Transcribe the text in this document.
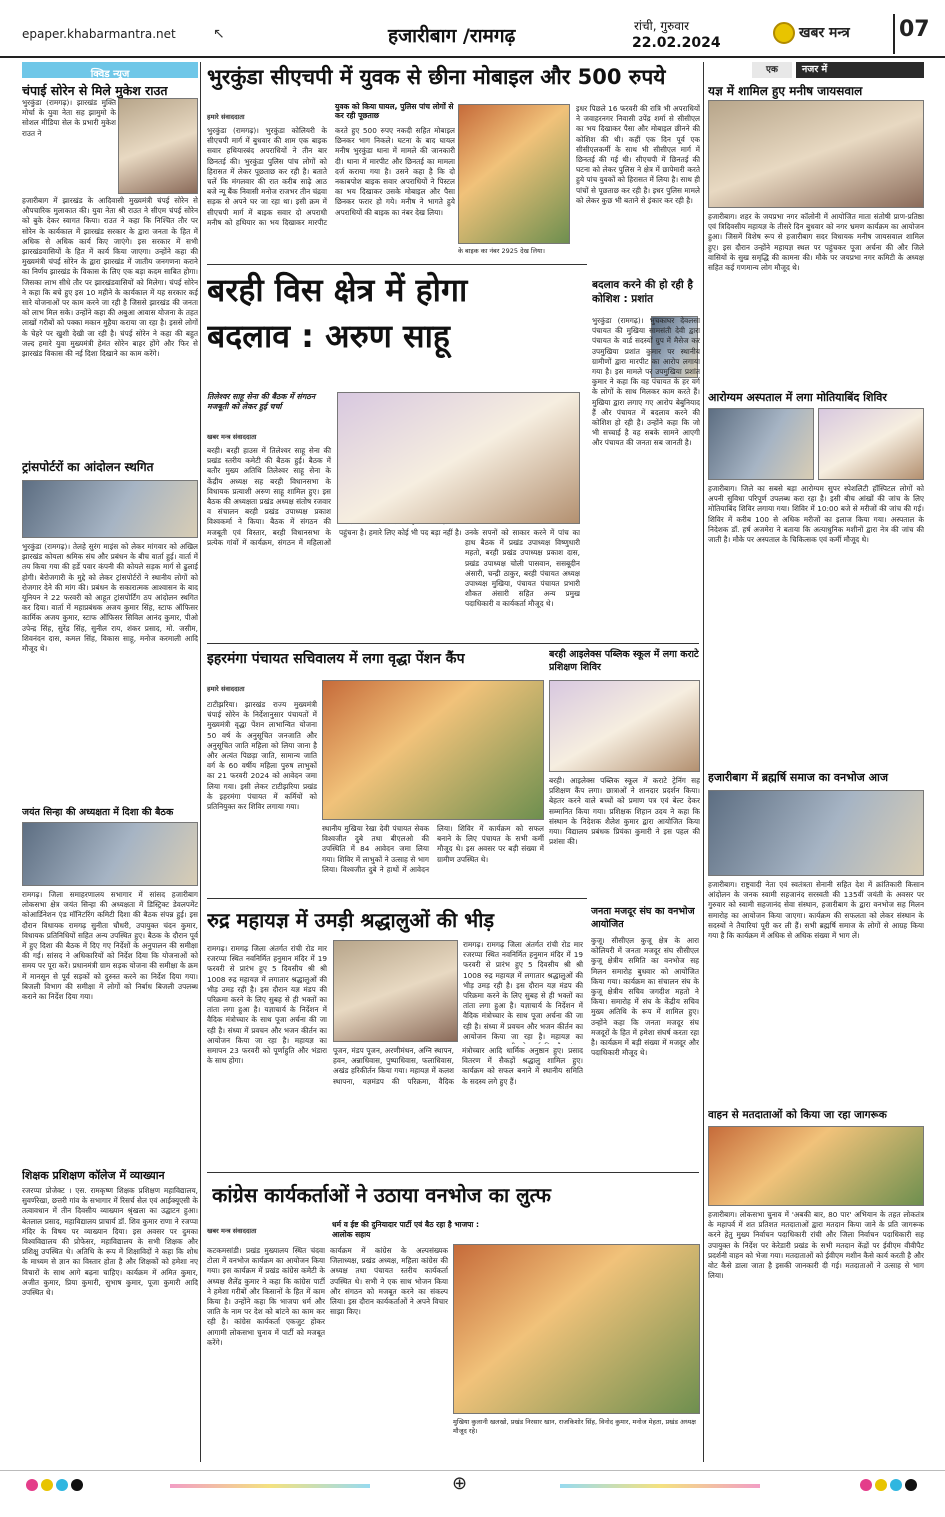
epaper.khabarmantra.net	↖	हजारीबाग /रामगढ़	रांची, गुरुवार
22.02.2024
खबर मन्त्र 07
क्विड न्यूज
चंपाई सोरेन से मिले मुकेश राउत
भुरकुंडा (रामगढ़)। झारखंड मुक्ति मोर्चा के युवा नेता सह झामुमो के सोशल मीडिया सेल के प्रभारी मुकेश राउत ने
हजारीबाग में झारखंड के आदिवासी मुख्यमंत्री चंपई सोरेन से औपचारिक मुलाकात की। युवा नेता श्री राउत ने सीएम चंपई सोरेन को बुके देकर स्वागत किया। राउत ने कहा कि निश्चित तौर पर सोरेन के कार्यकाल में झारखंड सरकार के द्वारा जनता के हित में अधिक से अधिक कार्य किए जाएंगे। इस सरकार में सभी झारखंडवासियों के हित में कार्य किया जाएगा। उन्होंने कहा की मुख्यमंत्री चंपई सोरेन के द्वारा झारखंड में जातीय जनगणना कराने का निर्णय झारखंड के विकास के लिए एक बड़ा कदम साबित होगा। जिसका लाभ सीधे तौर पर झारखंडवासियों को मिलेगा। चंपई सोरेन ने कहा कि बचे हुए इस 10 महीने के कार्यकाल में यह सरकार कई सारे योजनाओं पर काम करने जा रही है जिससे झारखंड की जनता को लाभ मिल सके। उन्होंने कहा की अबुआ आवास योजना के तहत लाखों गरीबों को पक्का मकान मुहैया कराया जा रहा है। इससे लोगों के चेहरे पर खुशी देखी जा रही है। चंपई सोरेन ने कहा की बहुत जल्द हमारे युवा मुख्यमंत्री हेमंत सोरेन बाहर होंगे और फिर से झारखंड विकास की नई दिशा दिखाने का काम करेंगे।
ट्रांसपोर्टरों का आंदोलन स्थगित
भुरकुंडा (रामगढ़)। तेलहे सुरंग माइंस को लेकर मांगवार को अखिल झारखंड कोयला श्रमिक संघ और प्रबंधन के बीच वार्ता हुई। वार्ता में तय किया गया की हर्डे पवार कंपनी की कोयले सड़क मार्ग से ढुलाई होगी। बेरोजगारी के मुद्दे को लेकर ट्रांसपोर्टरों ने स्थानीय लोगों को रोजगार देने की मांग की। प्रबंधन के सकारात्मक आश्वासन के बाद यूनियन ने 22 फरवरी को आहूत ट्रांसपोर्टिंग ठप आंदोलन स्थगित कर दिया। वार्ता में महाप्रबंधक अजय कुमार सिंह, स्टाफ ऑफिसर कार्मिक अजय कुमार, स्टाफ ऑफिसर सिविल आनंद कुमार, पीओ उपेन्द्र सिंह, सुरेंद्र सिंह, सुनील राय, शंकर प्रसाद, मो. जसीम, शिवनंदन दास, कमल सिंह, विकास साहू, मनोज करमाली आदि मौजूद थे।
जयंत सिन्हा की अध्यक्षता में दिशा की बैठक
रामगढ़। जिला समाहरणालय सभागार में सांसद हजारीबाग लोकसभा क्षेत्र जयंत सिन्हा की अध्यक्षता में डिस्ट्रिक्ट डेवलपमेंट कोआर्डिनेशन एंड मॉनिटरिंग कमिटी दिशा की बैठक संपन्न हुई। इस दौरान विधायक रामगढ़ सुनीता चौधरी, उपायुक्त चंदन कुमार, विधायक प्रतिनिधियों सहित अन्य उपस्थित हुए। बैठक के दौरान पूर्व में हुए दिशा की बैठक में दिए गए निर्देशों के अनुपालन की समीक्षा की गई। सांसद ने अधिकारियों को निर्देश दिया कि योजनाओं को समय पर पूरा करें। प्रधानमंत्री ग्राम सड़क योजना की समीक्षा के क्रम में मानसून से पूर्व सड़कों को दुरुस्त करने का निर्देश दिया गया। बिजली विभाग की समीक्षा में लोगों को निर्बाध बिजली उपलब्ध कराने का निर्देश दिया गया।
शिक्षक प्रशिक्षण कॉलेज में व्याख्यान
रजरप्पा प्रोजेक्ट । एस. रामकृष्ण शिक्षक प्रशिक्षण महाविद्यालय, सुवर्णरेखा, छत्तरी गांव के सभागार में रिसर्च सेल एवं आईक्यूएसी के तत्वावधान में तीन दिवसीय व्याख्यान श्रृंखला का उद्घाटन हुआ। बेतलाल प्रसाद, महाविद्यालय प्राचार्य डॉ. शिव कुमार राणा ने रजप्पा मंदिर के विषय पर व्याख्यान दिया। इस अवसर पर दुमका विश्वविद्यालय की प्रोफेसर, महाविद्यालय के सभी शिक्षक और प्रशिक्षु उपस्थित थे। अतिथि के रूप में शिक्षाविदों ने कहा कि शोध के माध्यम से ज्ञान का विस्तार होता है और शिक्षकों को हमेशा नए विचारों के साथ आगे बढ़ना चाहिए। कार्यक्रम में अमित कुमार, अजीत कुमार, प्रिया कुमारी, सुभाष कुमार, पूजा कुमारी आदि उपस्थित थे।
भुरकुंडा सीएचपी में युवक से छीना मोबाइल और 500 रुपये
हमारे संवाददाता
युवक को किया घायल, पुलिस पांच लोगों से कर रही पूछताछ
भुरकुंडा (रामगढ़)। भुरकुंडा कोलियरी के सीएचपी मार्ग में बुधवार की शाम एक बाइक सवार हथियारबंद अपराधियों ने तीन बार छिनतई की। भुरकुंडा पुलिस पांच लोगों को हिरासत में लेकर पूछताछ कर रही है। बताते चलें कि मंगलवार की रात करीब साढ़े आठ बजे न्यू बैंक निवासी मनोज राजभर तीन चंद्रवा सड़क से अपने घर जा रहा था। इसी क्रम में सीएचपी मार्ग में बाइक सवार दो अपराधी मनीष को हथियार का भय दिखाकर मारपीट करते हुए 500 रुपए नकदी सहित मोबाइल छिनकर भाग निकले। घटना के बाद घायल मनीष भुरकुंडा थाना में मामले की जानकारी दी। थाना में मारपीट और छिनतई का मामला दर्ज कराया गया है। उसने कहा है कि दो नकाबपोश बाइक सवार अपराधियों ने पिस्टल का भय दिखाकर उसके मोबाइल और पैसा छिनकर फरार हो गये। मनीष ने भागते हुये अपराधियों की बाइक का नंबर देख लिया।
के बाइक का नंबर 2925 देख लिया।
इधर पिछले 16 फरवरी की रात्रि भी अपराधियों ने जवाहरनगर निवासी उपेंद्र शर्मा से सीसीएल का भय दिखाकर पैसा और मोबाइल छीनने की कोशिश की थी। कहीं एक दिन पूर्व एक सीसीएलकर्मी के साथ भी सीसीएल मार्ग में छिनतई की गई थी। सीएचपी में छिनतई की घटना को लेकर पुलिस ने क्षेत्र में छापेमारी करते हुये पांच युवकों को हिरासत में लिया है। साथ ही पांचों से पूछताछ कर रही है। इधर पुलिस मामले को लेकर कुछ भी बताने से इंकार कर रही है।
बरही विस क्षेत्र में होगा
बदलाव : अरुण साहू
तिलेश्वर साहू सेना की बैठक में संगठन मजबूती को लेकर हुई चर्चा
खबर मन्त्र संवाददाता
बरही। बरही हाउस में तिलेश्वर साहू सेना की प्रखंड स्तरीय कमेटी की बैठक हुई। बैठक में बतौर मुख्य अतिथि तिलेश्वर साहू सेना के केंद्रीय अध्यक्ष सह बरही विधानसभा के विधायक प्रत्याशी अरुण साहू शामिल हुए। इस बैठक की अध्यक्षता प्रखंड अध्यक्ष संतोष रजवार व संचालन बरही प्रखंड उपाध्यक्ष प्रकाश विश्वकर्मा ने किया। बैठक में संगठन की मजबूती एवं विस्तार, बरही विधानसभा के प्रत्येक गांवों में कार्यक्रम, संगठन में महिलाओं पहुंचना है। हमारे लिए कोई भी पद बड़ा नहीं है। उनके सपनों को साकार करने में पांच का हाथ बैठक में प्रखंड उपाध्यक्ष विष्णुधारी महतो, बरही प्रखंड उपाध्यक्ष प्रकाश दास, प्रखंड उपाध्यक्ष चोली पासवान, ससबूदीन अंसारी, चन्द्री ठाकुर, बरही पंचायत अध्यक्ष उपाध्यक्ष मुखिया, पंचायत पंचायत प्रभारी शौकत अंसारी सहित अन्य प्रमुख पदाधिकारी व कार्यकर्ता मौजूद थे।
बदलाव करने की हो रही है कोशिश : प्रशांत
भुरकुंडा (रामगढ़)। भुचकाघर देवलसा पंचायत की मुखिया सामसंती देवी द्वारा पंचायत के वार्ड सदस्यों ग्रुप में मैसेज कर उपमुखिया प्रशांत कुमार पर स्थानीय ग्रामीणों द्वारा मारपीट का आरोप लगाया गया है। इस मामले पर उपमुखिया प्रशांत कुमार ने कहा कि वह पंचायत के हर वर्ग के लोगों के साथ मिलकर काम करते हैं। मुखिया द्वारा लगाए गए आरोप बेबुनियाद हैं और पंचायत में बदलाव करने की कोशिश हो रही है। उन्होंने कहा कि जो भी सच्चाई है वह सबके सामने आएगी और पंचायत की जनता सब जानती है।
इहरमंगा पंचायत सचिवालय में लगा वृद्धा पेंशन कैंप
हमारे संवाददाता
टाटीझरिया। झारखंड राज्य मुख्यमंत्री चंपाई सोरेन के निर्देशानुसार पंचायतों में मुख्यमंत्री वृद्धा पेंशन लाभान्वित योजना 50 वर्ष के अनुसूचित जनजाति और अनुसूचित जाति महिला को लिया जाना है और अत्यंत पिछड़ा जाति, सामान्य जाति वर्ग के 60 वर्षीय महिला पुरुष लाभुकों का 21 फरवरी 2024 को आवेदन जमा लिया गया। इसी लेकर टाटीझरिया प्रखंड के इहरमंगा पंचायत में कर्मियों को प्रतिनियुक्त कर शिविर लगाया गया।
स्थानीय मुखिया रेखा देवी पंचायत सेवक विश्वजीत दुबे तथा बीएलओ की उपस्थिति में 84 आवेदन जमा लिया गया। शिविर में लाभुकों ने उत्साह से भाग लिया। विश्वजीत दुबे ने हाथों में आवेदन लिया। शिविर में कार्यक्रम को सफल बनाने के लिए पंचायत के सभी कर्मी मौजूद थे। इस अवसर पर बड़ी संख्या में ग्रामीण उपस्थित थे।
बरही आइलेक्स पब्लिक स्कूल में लगा कराटे प्रशिक्षण शिविर
बरही। आइलेक्स पब्लिक स्कूल में कराटे ट्रेनिंग सह प्रशिक्षण कैंप लगा। छात्राओं ने शानदार प्रदर्शन किया। बेहतर करने वाले बच्चों को प्रमाण पत्र एवं बेल्ट देकर सम्मानित किया गया। प्रशिक्षक शिहान उदय ने कहा कि संस्थान के निदेशक शैलेश कुमार द्वारा आयोजित किया गया। विद्यालय प्रबंधक प्रियंका कुमारी ने इस पहल की प्रशंसा की।
रुद्र महायज्ञ में उमड़ी श्रद्धालुओं की भीड़
रामगढ़। रामगढ़ जिला अंतर्गत रांची रोड मार रजरप्पा स्थित नवनिर्मित हनुमान मंदिर में 19 फरवरी से प्रारंभ हुए 5 दिवसीय श्री श्री 1008 रुद्र महायज्ञ में लगातार श्रद्धालुओं की भीड़ उमड़ रही है। इस दौरान यज्ञ मंडप की परिक्रमा करने के लिए सुबह से ही भक्तों का तांता लगा हुआ है। यज्ञाचार्य के निर्देशन में वैदिक मंत्रोच्चार के साथ पूजा अर्चना की जा रही है। संध्या में प्रवचन और भजन कीर्तन का आयोजन किया जा रहा है। महायज्ञ का समापन 23 फरवरी को पूर्णाहुति और भंडारा के साथ होगा।
पूजन, मंडप पूजन, अरणीमंथन, अग्नि स्थापन, हवन, अन्नाधिवास, पुष्पाधिवास, फलाधिवास, अखंड हरिकीर्तन किया गया। महायज्ञ में कलश स्थापना, यज्ञमंडप की परिक्रमा, वैदिक मंत्रोच्चार आदि धार्मिक अनुष्ठान हुए। प्रसाद वितरण में सैकड़ों श्रद्धालु शामिल हुए। कार्यक्रम को सफल बनाने में स्थानीय समिति के सदस्य लगे हुए हैं।
रामगढ़। रामगढ़ जिला अंतर्गत रांची रोड मार रजरप्पा स्थित नवनिर्मित हनुमान मंदिर में 19 फरवरी से प्रारंभ हुए 5 दिवसीय श्री श्री 1008 रुद्र महायज्ञ में लगातार श्रद्धालुओं की भीड़ उमड़ रही है। इस दौरान यज्ञ मंडप की परिक्रमा करने के लिए सुबह से ही भक्तों का तांता लगा हुआ है। यज्ञाचार्य के निर्देशन में वैदिक मंत्रोच्चार के साथ पूजा अर्चना की जा रही है। संध्या में प्रवचन और भजन कीर्तन का आयोजन किया जा रहा है। महायज्ञ का
जनता मजदूर संघ का वनभोज आयोजित
कुजू। सीसीएल कुजू क्षेत्र के आरा कोलियरी में जनता मजदूर संघ सीसीएल कुजू क्षेत्रीय समिति का वनभोज सह मिलन समारोह बुधवार को आयोजित किया गया। कार्यक्रम का संचालन संघ के कुजू क्षेत्रीय सचिव जगदीश महतो ने किया। समारोह में संघ के केंद्रीय सचिव मुख्य अतिथि के रूप में शामिल हुए। उन्होंने कहा कि जनता मजदूर संघ मजदूरों के हित में हमेशा संघर्ष करता रहा है। कार्यक्रम में बड़ी संख्या में मजदूर और पदाधिकारी मौजूद थे।
कांग्रेस कार्यकर्ताओं ने उठाया वनभोज का लुत्फ
खबर मन्त्र संवाददाता
धर्म व ईष्ट की दुनियादार पार्टी एवं बैठ रहा है भाजपा : आलोक सहाय
कटकमसांडी। प्रखंड मुख्यालय स्थित चंदवा टोला में वनभोज कार्यक्रम का आयोजन किया गया। इस कार्यक्रम में प्रखंड कांग्रेस कमेटी के अध्यक्ष शैलेंद्र कुमार ने कहा कि कांग्रेस पार्टी ने हमेशा गरीबों और किसानों के हित में काम किया है। उन्होंने कहा कि भाजपा धर्म और जाति के नाम पर देश को बांटने का काम कर रही है। कांग्रेस कार्यकर्ता एकजुट होकर आगामी लोकसभा चुनाव में पार्टी को मजबूत करेंगे।
कार्यक्रम में कांग्रेस के अल्पसंख्यक जिलाध्यक्ष, प्रखंड अध्यक्ष, महिला कांग्रेस की अध्यक्ष तथा पंचायत स्तरीय कार्यकर्ता उपस्थित थे। सभी ने एक साथ भोजन किया और संगठन को मजबूत करने का संकल्प लिया। इस दौरान कार्यकर्ताओं ने अपने विचार साझा किए।
मुखिया कुलानी खलखो, प्रखंड निरसार खान, राजकिशोर सिंह, विनोद कुमार, मनोज मेहता, प्रखंड अध्यक्ष मौजूद रहे।
एक	नजर में
यज्ञ में शामिल हुए मनीष जायसवाल
हजारीबाग। शहर के जयप्रभा नगर कॉलोनी में आयोजित माता संतोषी प्राण-प्रतिष्ठा एवं त्रिदिवसीय महायज्ञ के तीसरे दिन बुधवार को नगर भ्रमण कार्यक्रम का आयोजन हुआ। जिसमें विशेष रूप से हजारीबाग सदर विधायक मनीष जायसवाल शामिल हुए। इस दौरान उन्होंने महायज्ञ स्थल पर पहुंचकर पूजा अर्चना की और जिले वासियों के सुख समृद्धि की कामना की। मौके पर जयप्रभा नगर कमिटी के अध्यक्ष सहित कई गणमान्य लोग मौजूद थे।
आरोग्यम अस्पताल में लगा मोतियाबिंद शिविर
हजारीबाग। जिले का सबसे बड़ा आरोग्यम सुपर स्पेशलिटी हॉस्पिटल लोगों को अपनी सुविधा परिपूर्ण उपलब्ध करा रहा है। इसी बीच आंखों की जांच के लिए मोतियाबिंद शिविर लगाया गया। शिविर में 10:00 बजे से मरीजों की जांच की गई। शिविर में करीब 100 से अधिक मरीजों का इलाज किया गया। अस्पताल के निदेशक डॉ. हर्ष अजमेरा ने बताया कि अत्याधुनिक मशीनों द्वारा नेत्र की जांच की जाती है। मौके पर अस्पताल के चिकित्सक एवं कर्मी मौजूद थे।
हजारीबाग में ब्रह्मर्षि समाज का वनभोज आज
हजारीबाग। राष्ट्रवादी नेता एवं स्वतंत्रता सेनानी सहित देश में क्रांतिकारी किसान आंदोलन के जनक स्वामी सहजानंद सरस्वती की 135वीं जयंती के अवसर पर गुरुवार को स्वामी सहजानंद सेवा संस्थान, हजारीबाग के द्वारा वनभोज सह मिलन समारोह का आयोजन किया जाएगा। कार्यक्रम की सफलता को लेकर संस्थान के सदस्यों ने तैयारियां पूरी कर ली हैं। सभी ब्रह्मर्षि समाज के लोगों से आग्रह किया गया है कि कार्यक्रम में अधिक से अधिक संख्या में भाग लें।
वाहन से मतदाताओं को किया जा रहा जागरूक
हजारीबाग। लोकसभा चुनाव में 'अबकी बार, 80 पार' अभियान के तहत लोकतंत्र के महापर्व में शत प्रतिशत मतदाताओं द्वारा मतदान किया जाने के प्रति जागरूक करने हेतु मुख्य निर्वाचन पदाधिकारी रांची और जिला निर्वाचन पदाधिकारी सह उपायुक्त के निर्देश पर केरेडारी प्रखंड के सभी मतदान केंद्रों पर ईवीएम वीवीपैट प्रदर्शनी वाहन को भेजा गया। मतदाताओं को ईवीएम मशीन कैसे कार्य करती है और वोट कैसे डाला जाता है इसकी जानकारी दी गई। मतदाताओं ने उत्साह से भाग लिया।
⊕
